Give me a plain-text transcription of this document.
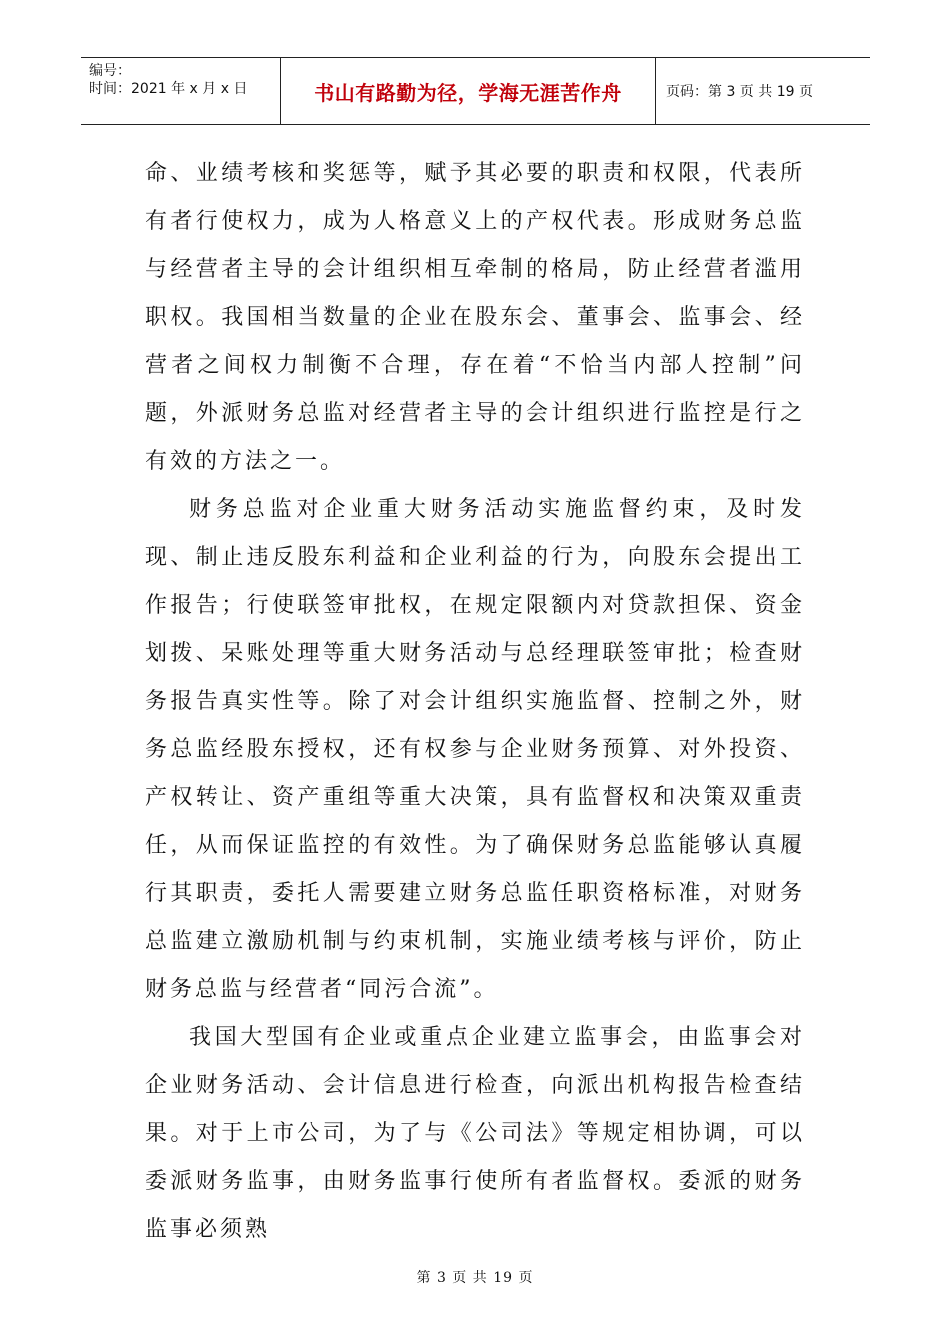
编号：
时间：2021 年 x 月 x 日	书山有路勤为径，学海无涯苦作舟	页码：第 3 页 共 19 页

命、业绩考核和奖惩等，赋予其必要的职责和权限，代表所有者行使权力，成为人格意义上的产权代表。形成财务总监与经营者主导的会计组织相互牵制的格局，防止经营者滥用职权。我国相当数量的企业在股东会、董事会、监事会、经营者之间权力制衡不合理，存在着“不恰当内部人控制”问题，外派财务总监对经营者主导的会计组织进行监控是行之有效的方法之一。

财务总监对企业重大财务活动实施监督约束，及时发现、制止违反股东利益和企业利益的行为，向股东会提出工作报告；行使联签审批权，在规定限额内对贷款担保、资金划拨、呆账处理等重大财务活动与总经理联签审批；检查财务报告真实性等。除了对会计组织实施监督、控制之外，财务总监经股东授权，还有权参与企业财务预算、对外投资、产权转让、资产重组等重大决策，具有监督权和决策双重责任，从而保证监控的有效性。为了确保财务总监能够认真履行其职责，委托人需要建立财务总监任职资格标准，对财务总监建立激励机制与约束机制，实施业绩考核与评价，防止财务总监与经营者“同污合流”。

我国大型国有企业或重点企业建立监事会，由监事会对企业财务活动、会计信息进行检查，向派出机构报告检查结果。对于上市公司，为了与《公司法》等规定相协调，可以委派财务监事，由财务监事行使所有者监督权。委派的财务监事必须熟

第 3 页 共 19 页
